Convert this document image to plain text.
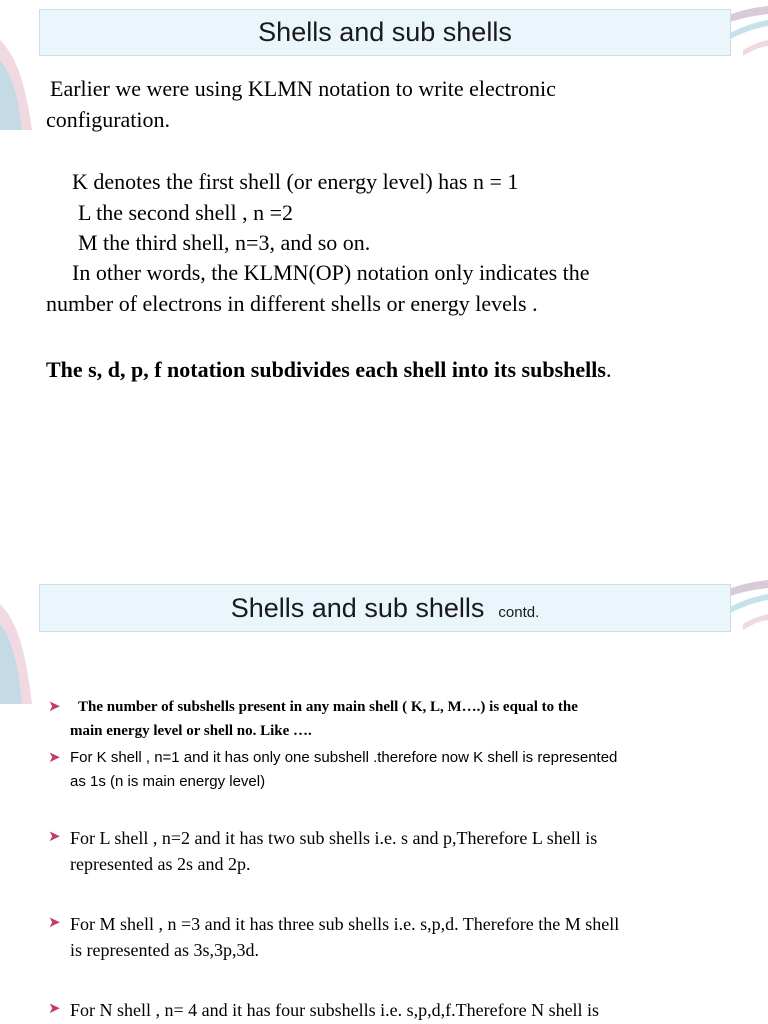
Shells and sub shells
Earlier we were using KLMN notation to write electronic
configuration.
K denotes the first shell (or energy level) has n = 1
L the second shell , n =2
M the third shell, n=3, and so on.
In other words, the KLMN(OP) notation only indicates the
number of electrons in different shells or energy levels .
The s, d, p, f notation subdivides each shell into its subshells.
Shells and sub shells contd.
➤	The number of subshells present in any main shell ( K, L, M….) is equal to the
main energy level or shell no. Like ….
➤ For K shell , n=1 and it has only one subshell .therefore now K shell is represented
as 1s (n is main energy level)
➤ For L shell , n=2 and it has two sub shells i.e. s and p,Therefore L shell is
represented as 2s and 2p.
➤ For M shell , n =3 and it has three sub shells i.e. s,p,d. Therefore the M shell
is represented as 3s,3p,3d.
➤ For N shell , n= 4 and it has four subshells i.e. s,p,d,f.Therefore N shell is
